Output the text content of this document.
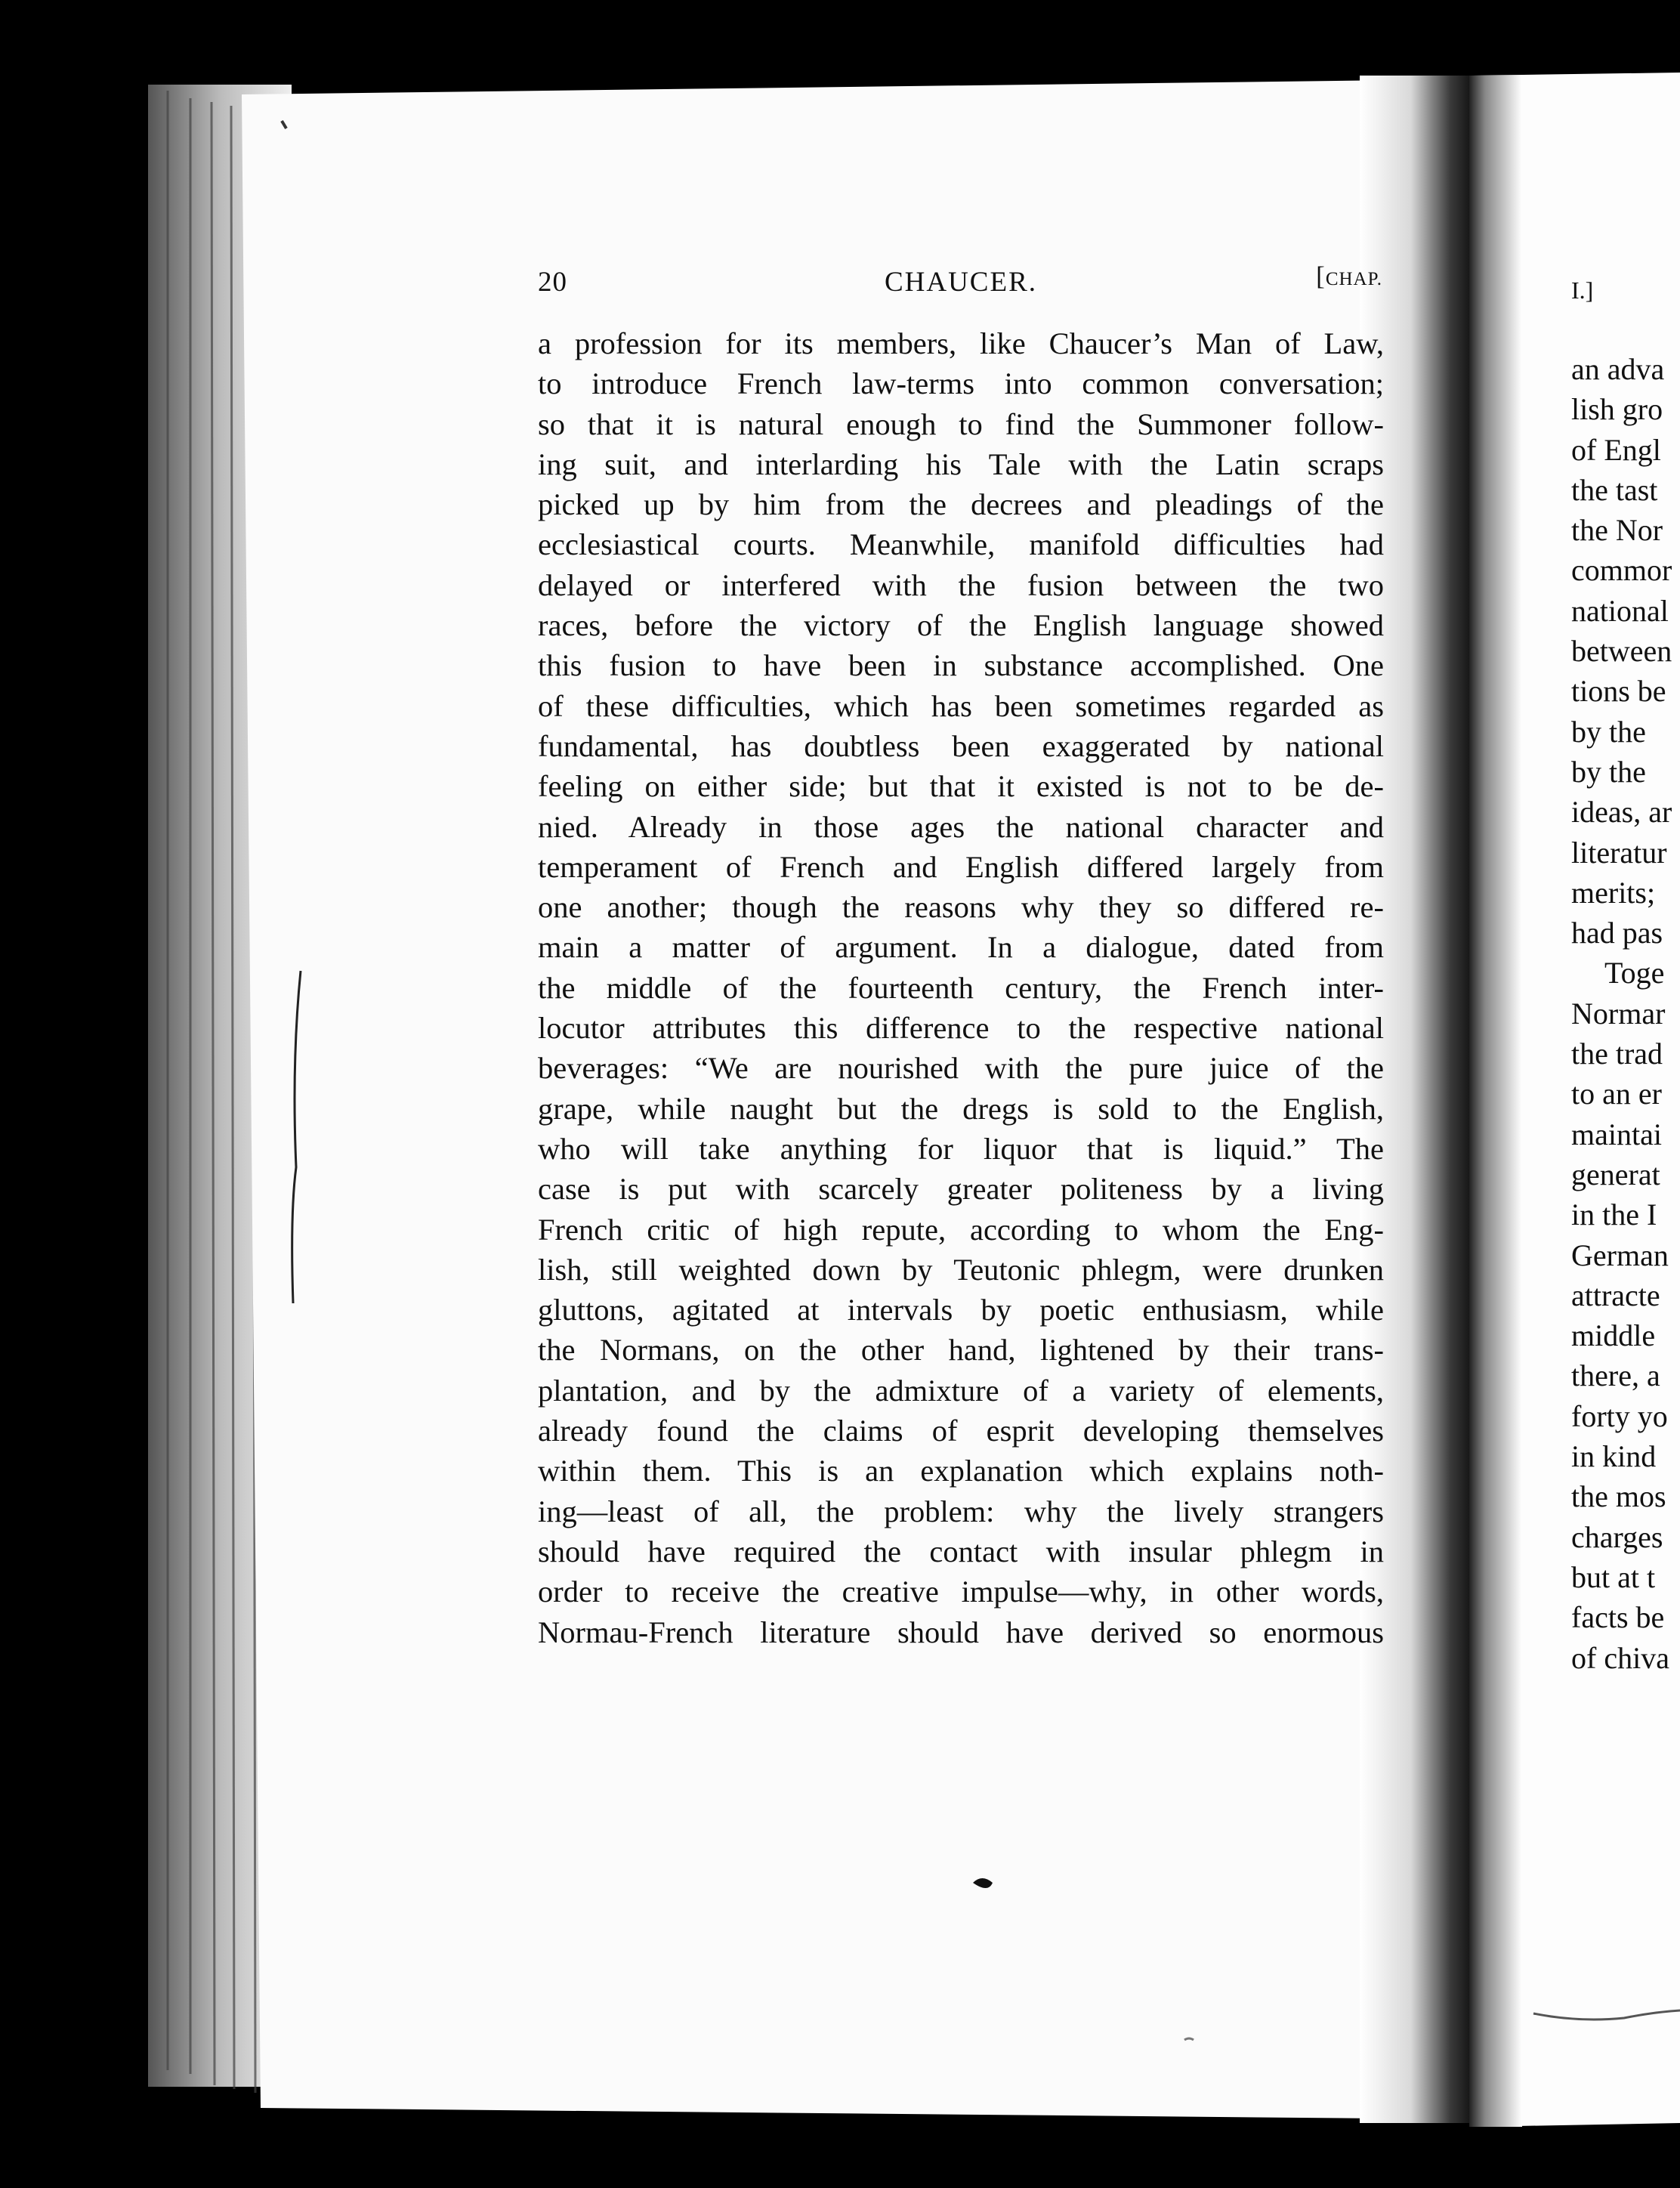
20	CHAUCER.	[CHAP.
a profession for its members, like Chaucer’s Man of Law,
to introduce French law-terms into common conversation;
so that it is natural enough to find the Summoner follow-
ing suit, and interlarding his Tale with the Latin scraps
picked up by him from the decrees and pleadings of the
ecclesiastical courts. Meanwhile, manifold difficulties had
delayed or interfered with the fusion between the two
races, before the victory of the English language showed
this fusion to have been in substance accomplished. One
of these difficulties, which has been sometimes regarded as
fundamental, has doubtless been exaggerated by national
feeling on either side; but that it existed is not to be de-
nied. Already in those ages the national character and
temperament of French and English differed largely from
one another; though the reasons why they so differed re-
main a matter of argument. In a dialogue, dated from
the middle of the fourteenth century, the French inter-
locutor attributes this difference to the respective national
beverages: “We are nourished with the pure juice of the
grape, while naught but the dregs is sold to the English,
who will take anything for liquor that is liquid.” The
case is put with scarcely greater politeness by a living
French critic of high repute, according to whom the Eng-
lish, still weighted down by Teutonic phlegm, were drunken
gluttons, agitated at intervals by poetic enthusiasm, while
the Normans, on the other hand, lightened by their trans-
plantation, and by the admixture of a variety of elements,
already found the claims of esprit developing themselves
within them. This is an explanation which explains noth-
ing—least of all, the problem: why the lively strangers
should have required the contact with insular phlegm in
order to receive the creative impulse—why, in other words,
Normau-French literature should have derived so enormous
I.]
an adva
lish gro
of Engl
the tast
the Nor
commor
national
between
tions be
by the
by the
ideas, ar
literatur
merits;
had pas
Toge
Normar
the trad
to an er
maintai
generat
in the I
German
attracte
middle
there, a
forty yo
in kind
the mos
charges
but at t
facts be
of chiva
